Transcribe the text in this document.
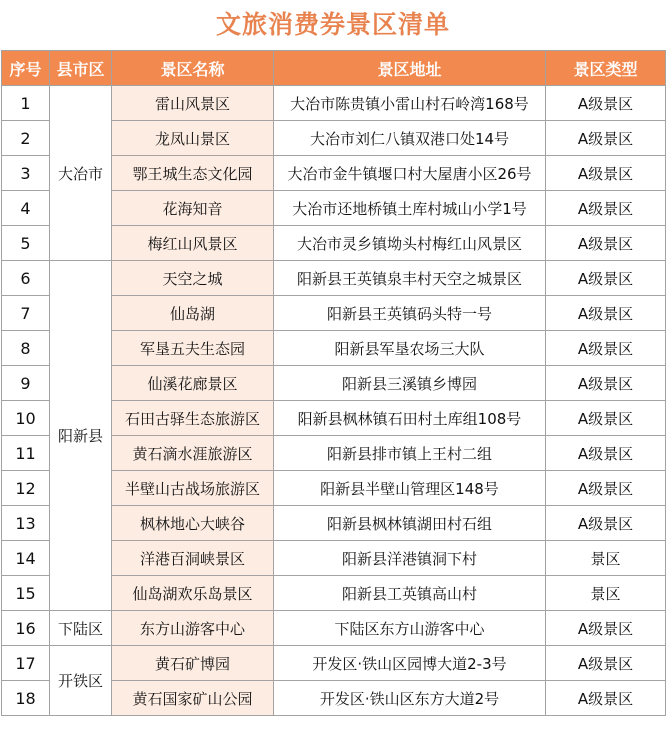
文旅消费券景区清单
序号	县市区	景区名称	景区地址	景区类型
1	大冶市	雷山风景区	大冶市陈贵镇小雷山村石岭湾168号	A级景区
2		龙凤山景区	大冶市刘仁八镇双港口处14号	A级景区
3		鄂王城生态文化园	大冶市金牛镇堰口村大屋唐小区26号	A级景区
4		花海知音	大冶市还地桥镇土库村城山小学1号	A级景区
5		梅红山风景区	大冶市灵乡镇坳头村梅红山风景区	A级景区
6	阳新县	天空之城	阳新县王英镇泉丰村天空之城景区	A级景区
7		仙岛湖	阳新县王英镇码头特一号	A级景区
8		军垦五夫生态园	阳新县军垦农场三大队	A级景区
9		仙溪花廊景区	阳新县三溪镇乡博园	A级景区
10		石田古驿生态旅游区	阳新县枫林镇石田村土库组108号	A级景区
11		黄石滴水涯旅游区	阳新县排市镇上王村二组	A级景区
12		半壁山古战场旅游区	阳新县半壁山管理区148号	A级景区
13		枫林地心大峡谷	阳新县枫林镇湖田村石组	A级景区
14		洋港百洞峡景区	阳新县洋港镇洞下村	景区
15		仙岛湖欢乐岛景区	阳新县工英镇高山村	景区
16	下陆区	东方山游客中心	下陆区东方山游客中心	A级景区
17	开铁区	黄石矿博园	开发区·铁山区园博大道2-3号	A级景区
18		黄石国家矿山公园	开发区·铁山区东方大道2号	A级景区
